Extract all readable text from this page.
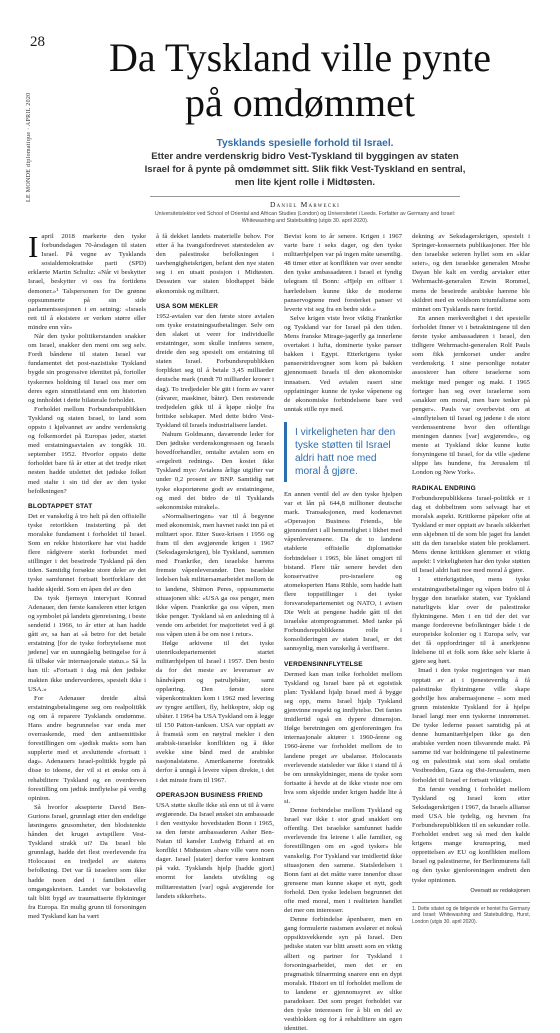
28
LE MONDE diplomatique · APRIL 2020
Da Tyskland ville pynte på omdømmet
Tysklands spesielle forhold til Israel.
Etter andre verdenskrig bidro Vest-Tyskland til byggingen av staten Israel for å pynte på omdømmet sitt. Slik fikk Vest-Tyskland en sentral, men lite kjent rolle i Midtøsten.
Daniel Marwecki
Universitetslektor ved School of Oriental and African Studies (London) og Universitetet i Leeds. Forfatter av Germany and Israel: Whitewashing and Statebuilding (utgis 30. april 2020).

Iapril 2018 markerte den tyske forbundsdagen 70-årsdagen til staten Israel. På vegne av Tysklands sosialdemokratiske parti (SPD) erklærte Martin Schultz: «Når vi beskytter Israel, beskytter vi oss fra fortidens demoner.»¹ Talspersonen for De grønne oppsummerte på sin side parlamentssesjonen i en setning: «Israels rett til å eksistere er verken større eller mindre enn vår»

Når den tyske politikerstanden snakker om Israel, snakker den ment om seg selv. Fordi båndene til staten Israel var fundamentet det post-nazistiske Tyskland bygde sin progressive identitet på, fortoller tyskernes holdning til Israel oss mer om deres egen sinnstilstand enn om historien og innholdet i dette bilaterale forholdet.

Forholdet mellom Forbundsrepublikken Tyskland og staten Israel, to land som oppsto i kjølvannet av andre verdenskrig og folkemordet på Europas jøder, startet med erstatningsavtalen av tongikk 10. september 1952. Hvorfor oppsto dette forholdet bare få år etter at det tredje riket nesten hadde utslettet det jødiske folket med stalte i sin tid der av den tyske befolkningen?

BLODTAPPET STAT

Det er vanskelig å tro helt på den offisielle tyske retorikken insisterting på det moralske fundament i forholdet til Israel. Som en rekke historikere har vist hadde flere rådgivere sterkt forbundet med stillinger i det beseirede Tyskland på den tiden. Samtidig forsøkte store deler av det tyske samfunnet fortsatt bortforklare det hadde skjedd. Som en åpen del av den

Da tysk fjernsyn intervjuet Konrad Adenauer, den første kansleren etter krigen og symbolet på landets gjenreisning, i beste sendetid i 1966, to år etter at han hadde gått av, sa han at «å betro for det betale erstatning [for de tyske forbrytelsene mot jødene] var en uunngåelig betingelse for å få tilbake vår internasjonale status.» Så la han til: «Fortsatt i dag må den jødiske makten ikke undervurderes, spesielt ikke i USA.»

For Adenauer dreide altså erstatningsbetalingene seg om realpolitikk og om å reparere Tysklands omdømme. Hans andre begrunnelse var enda mer overraskende, med den antisemittiske forestillingen om «jødisk makt» som han supplerte med et avsluttende «fortsatt i dag». Adenauers Israel-politikk bygde på disse to ideene, der vil si et ønske om å rehabilitere Tyskland og en overdreven forestilling om jødisk innflytelse på verdig opinion.

Så hvorfor aksepterte David Ben-Gurions Israel, grunnlagt etter den endelige løsningens grusomheter, den blodstenkte hånden det kruget avtspillere Vest-Tyskland strakk ut? Da Israel ble grunnlagt, hadde det flest overlevende fra Holocaust en tredjedel av statens befolkning. Det var få israelere som ikke hadde noen død i familien eller omgangskretsen. Landet var bokstavelig talt blitt bygd av traumatiserte flyktninger fra Europa. En mulig grunn til forsoningen med Tyskland kan ha vært

å få dekket landets materielle behov. For etter å ha tvangsfordrevet størstedelen av den palestinske befolkningen i uavhengighetskrigen, befant den nye staten seg i en utsatt posisjon i Midtøsten. Dessuten var staten blodtappet både økonomisk og militært.

USA SOM MEKLER

1952-avtalen var den første store avtalen om tyske erstatningsutbetalinger. Selv om den slaket ut verer for individuelle erstatninger, som skulle innføres senere, dreide den seg spesielt om erstatning til staten Israel. Forbundsrepublikken forpliktet seg til å betale 3,45 milliarder deutsche mark (rundt 70 milliarder kroner i dag). To tredjedeler ble gitt i form av varer (råvarer, maskiner, båter). Den resterende tredjedelen gikk til å kjøpe råolje fra britiske selskaper. Med dette bidro Vest-Tyskland til Israels industrialisere landet.

Nahum Goldmann, daværende leder for Den jødiske verdenskongressen og Israels hovedforhandler, omtalte avtalen som en «regelrett redning». Den kostet ikke Tyskland mye: Avtalens årlige utgifter var under 0,2 prosent av BNP. Samtidig nøt tyske eksportørene godt av erstatningene, og med det bidro de til Tysklands «økonomiske mirakel».

«Normaliseringen» var til å begynne med økonomisk, men havnet raskt inn på et militært spor. Etter Suez-krisen i 1956 og fram til den avgjørende krigen i 1967 (Seksdagerskrigen), ble Tyskland, sammen med Frankrike, den israelske hærens fremste våpenleverandør. Den israelske ledelsen bak militærsamarbeidet mellom de to landene, Shimon Peres, oppsummerte situasjonen slik: «USA ga oss penger, men ikke våpen. Frankrike ga oss våpen, men ikke penger. Tyskland så en anledning til å vende om arbeidet for majoritetet ved å gi oss våpen uten å be om noe i retur».

Ifølge arkivene til det tyske utenriksdepartementet startet militærhjelpen til Israel i 1957. Den besto da for det meste av leveranser av håndvåpen og patruljebåter, samt opplæring. Den første store våpenkontrakten kom i 1962 med levering av tyngre artilleri, fly, helikoptre, skip og ubåter. I 1964 ba USA Tyskland om å legge til 150 Patton-tanksen. USA var opptatt av å framstå som en nøytral mekler i den arabisk-israelske konflikten og å ikke svekke sine bånd med de arabiske nasjonalstatene. Amerikanerne foretrakk derfor å unngå å levere våpen direkte, i det i det minste fram til 1967.

OPERASJON BUSINESS FRIEND

USA støtte skulle ikke stå enn ut til å være avgjørende. Da Israel ønsket sin ambassade i den vesttyske hovedstaden Bonn i 1965, sa den første ambassadøren Asher Ben-Natan til kansler Ludwig Erhard at en konflikt i Midtøsten «bare ville være noen dager. Israel [stater] derfor være kontrant på vakt. Tysklands hjelp [hadde gjort] enormt for landets utvikling og militærestatten [var] også avgjørende for landets sikkerhet».

Bevist kom to år senere. Krigen i 1967 varte bare i seks dager, og den tyske militærhjelpen var på ingen måte uesentlig. 48 timer etter at konflikten var over sendte den tyske ambassadøren i Israel et fyndig telegram til Bonn: «Hjelp en offiser i hærledelsen kunne ikke de moderne panservognene med forsterket panser vi leverte vist seg fra en bedre side.»

Selve krigen viste hvor viktig Frankrike og Tyskland var for Israel på den tiden. Mens franske Mirage-jagerfly ga innerlene overtaket i lufta, dominerte tyske panser bakken i Egypt. Etterkrigens tyske panserstridsvogner som kom på bakken gjennomsett Israels til den økonomiske innsatsen. Ved avtalen rasert sine oppfatninger kunne de tyske våpenene og de økonomiske forbindelsene bare ved unntak stille nye med.

I virkeligheten har den tyske støtten til Israel aldri hatt noe med moral å gjøre.

En annen ventil del av den tyske hjelpen var et lån på 644,8 millioner deutsche mark. Transaksjonen, med kodenavnet «Operasjon Business Friend», ble gjennomført i all hemmelighet i likhet med våpenleveransene. Da de to landene etablerte offisielle diplomatiske forbindelser i 1965, ble lånet omgjort til bistand. Flere tiår senere hevdet den konservative pro-israelere og atomeksperten Hans Rühle, som hadde hatt flere toppstillinger i det tyske forsvarsdepartementet og NATO, i avisen Die Welt at pengene hadde gått til det israelske atomprogrammet. Med tanke på Forbundsrepublikkens rolle i konsolideringen av staten Israel, er det sannsynlig, men vanskelig å verifisere.

VERDENSINNFLYTELSE

Dermed kan man tolke forholdet mellom Tyskland og Israel bare på et egoistisk plan: Tyskland hjalp Israel med å bygge seg opp, mens Israel hjalp Tyskland gjenvinne respekt og innflytelse. Det fantes imidlertid også en dypere dimensjon. Ifølge beretningen om gjenforeningen fra internasjonale aktører i 1960-årene og 1960-årene var forholdet mellom de to landene preget av ubalanse. Holocausts overlevende statsleder var ikke i stand til å be om unnskyldninger, mens de tyske som fortsatte å hevde at de ikke visste noe om hva som skjedde under krigen hadde lite å si.

Denne forbindelse mellom Tyskland og Israel var ikke i stor grad snakket om offentlig. Det israelske samfunnet hadde overlevende fra leirene i alle familier, og forestillingen om en «god tysker» ble vanskelig. For Tyskland var imidlertid ikke situasjonen den samme. Statsledelsen i Bonn fant at det måtte være innenfor disse grensene man kunne skape et nytt, godt forhold. Den tyske ledelsen begrunnet det ofte med moral, men i realiteten handlet det mer om interesser.

Denne forbindelse åpenbarer, men en gang formulerte rasismen avslører et nokså oppsiktsvekkende syn på Israel. Den jødiske staten var blitt ansett som en viktig alliert og partner for Tyskland i forsoningsarbeidet, men det er en pragmatisk tilnærming snarere enn en dypt moralsk. Histori en til forholdet mellom de to landene er gjennomsyret av slike paradokser. Det som preget forholdet var den tyske interessen for å bli en del av vestblokken og for å rehabilitere sin egen identitet.

dekning av Seksdagerskrigen, spesielt i Springer-konsernets publikasjoner. Her ble den israelske seieren hyllet som en «klar seier», og den israelske generalen Moshe Dayan ble kalt en verdig arvtaker etter Wehrmacht-generalen Erwin Rommel, mens de beseirede arabiske hærene ble skildret med en voldsom triumfalisme som minnet om Tysklands nære fortid.

En annen merkverdighet i det spesielle forholdet finner vi i betraktningene til den første tyske ambassadøren i Israel, den tidligere Wehrmacht-generalen Rolf Pauls som fikk jernkorset under andre verdenskrig. I sine personlige notater assosierer han oftere israelerne som mektige med penger og makt. I 1965 forteger han seg over israelerne som «snakker om moral, men bare tenker på penger». Pauls var overbevist om at «innflytelsen til Israel og jødene i de store verdenssentrene hvor den offentlige meningen dannes [var] avgjørende», og mente at Tyskland ikke kunne kutte forsyningene til Israel, for da ville «jødene slippe løs hundene, fra Jerusalem til London og New York».

RADIKAL ENDRING

Forbundsrepublikkens Israel-politikk er i dag et dobbeltrøm som selvsagt har et moralsk aspekt. Kritikerne påpeker ofte at Tyskland er mer opptatt av Israels sikkerhet enn skjebnen til de som ble jaget fra landet sitt da den israelske staten ble proklamert. Mens denne kritikken glemmer et viktig aspekt: I virkeligheten har den tyske støtten til Israel aldri hatt noe med moral å gjøre.

I etterkrigstiden, mens tyske erstatningsutbetalinger og våpen bidro til å bygge den israelske staten, var Tyskland naturligvis klar over de palestinske flyktningene. Men i en tid der det var mange forderevne befolkninger både i de europeiske kolonier og i Europa selv, var det få oppfordringer til å anerkjenne lidelsene til et folk som ikke selv klarte å gjøre seg hørt.

Imad i den tyske regjeringen var man opptatt av at i tjenesteverdig å få palestinske flyktningene ville skape godvilje hos arabernasjonene – som med grunn mistenkte Tyskland for å hjelpe Israel langt mer enn tyskerne innrømmet. De tyske lederne passet samtidig på at denne humanitærhjelpen ikke ga den arabiske verden noen tilsvarende makt. På samme tid var holdningene til palestinerne og en palestinsk stat som skal omfatte Vestbredden, Gaza og Øst-Jerusalem, men forholdet til Israel er fortsatt viktigst.

En første vending i forholdet mellom Tyskland og Israel kom etter Seksdagerskrigen i 1967, da Israels allianse med USA ble tydelig, og hevnen fra Forbundsrepublikken til en sekundær rolle. Forholdet endret seg så med den kalde krigens mange krumspring, med opprettelsen av EU og konflikten mellom Israel og palestinerne, fer Berlinmurens fall og den tyske gjenforeningen endrett den tyske opinionen.

Oversatt av redaksjonen
1. Dette sitatet og de følgende er hentet fra Germany and Israel: Whitewashing and Statebuilding, Hurst, London (utgis 30. april 2020).
